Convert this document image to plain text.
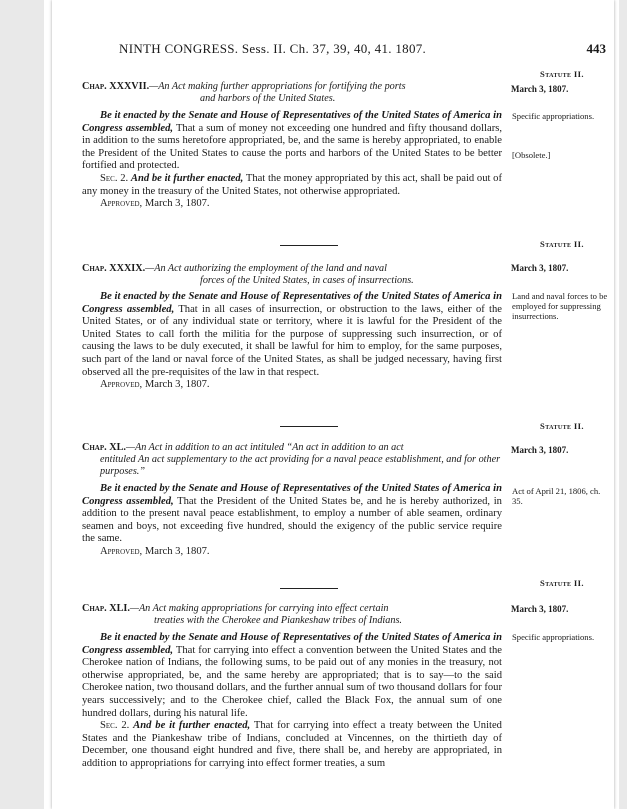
NINTH CONGRESS. Sess. II. Ch. 37, 39, 40, 41. 1807.	443
Statute II.
March 3, 1807.
Chap. XXXVII.—An Act making further appropriations for fortifying the ports
and harbors of the United States.
Be it enacted by the Senate and House of Representatives of the United States of America in Congress assembled, That a sum of money not exceeding one hundred and fifty thousand dollars, in addition to the sums heretofore appropriated, be, and the same is hereby appropriated, to enable the President of the United States to cause the ports and harbors of the United States to be better fortified and protected.
Sec. 2. And be it further enacted, That the money appropriated by this act, shall be paid out of any money in the treasury of the United States, not otherwise appropriated.
Approved, March 3, 1807.
Specific appropriations.
[Obsolete.]
Statute II.
March 3, 1807.
Chap. XXXIX.—An Act authorizing the employment of the land and naval
forces of the United States, in cases of insurrections.
Be it enacted by the Senate and House of Representatives of the United States of America in Congress assembled, That in all cases of insurrection, or obstruction to the laws, either of the United States, or of any individual state or territory, where it is lawful for the President of the United States to call forth the militia for the purpose of suppressing such insurrection, or of causing the laws to be duly executed, it shall be lawful for him to employ, for the same purposes, such part of the land or naval force of the United States, as shall be judged necessary, having first observed all the pre-requisites of the law in that respect.
Approved, March 3, 1807.
Land and naval forces to be employed for suppressing insurrections.
Statute II.
March 3, 1807.
Chap. XL.—An Act in addition to an act intituled “An act in addition to an act
entituled An act supplementary to the act providing for a naval peace establishment, and for other purposes.”
Be it enacted by the Senate and House of Representatives of the United States of America in Congress assembled, That the President of the United States be, and he is hereby authorized, in addition to the present naval peace establishment, to employ a number of able seamen, ordinary seamen and boys, not exceeding five hundred, should the exigency of the public service require the same.
Approved, March 3, 1807.
Act of April 21, 1806, ch. 35.
Statute II.
March 3, 1807.
Chap. XLI.—An Act making appropriations for carrying into effect certain
treaties with the Cherokee and Piankeshaw tribes of Indians.
Be it enacted by the Senate and House of Representatives of the United States of America in Congress assembled, That for carrying into effect a convention between the United States and the Cherokee nation of Indians, the following sums, to be paid out of any monies in the treasury, not otherwise appropriated, be, and the same hereby are appropriated; that is to say—to the said Cherokee nation, two thousand dollars, and the further annual sum of two thousand dollars for four years successively; and to the Cherokee chief, called the Black Fox, the annual sum of one hundred dollars, during his natural life.
Sec. 2. And be it further enacted, That for carrying into effect a treaty between the United States and the Piankeshaw tribe of Indians, concluded at Vincennes, on the thirtieth day of December, one thousand eight hundred and five, there shall be, and hereby are appropriated, in addition to appropriations for carrying into effect former treaties, a sum
Specific appropriations.
